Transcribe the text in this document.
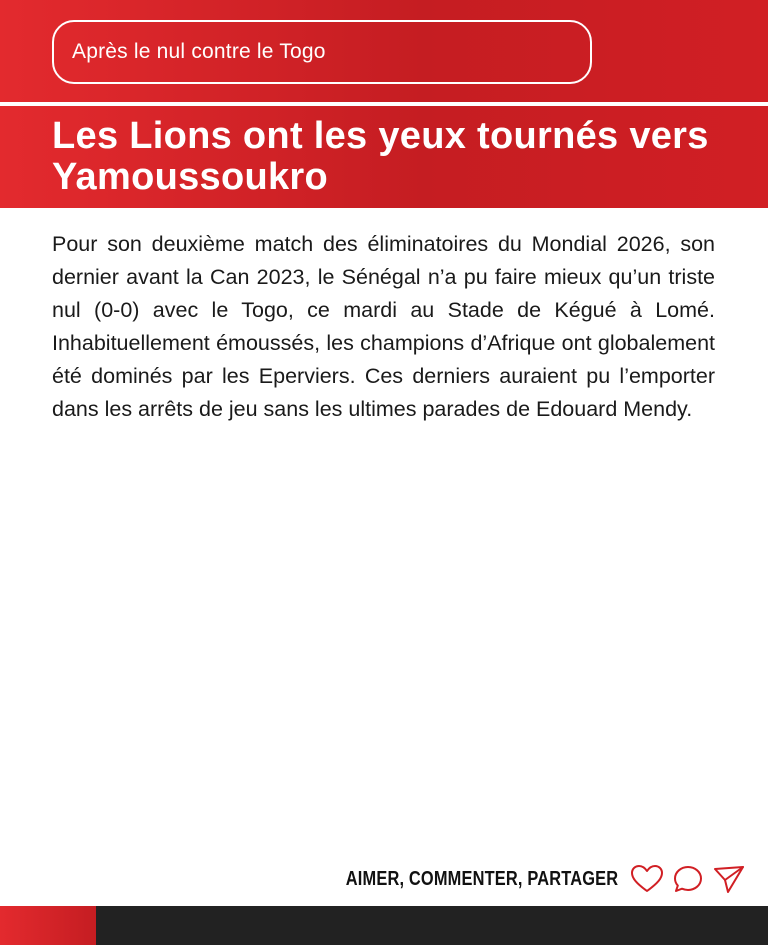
Après le nul contre le Togo
Les Lions ont les yeux tournés vers Yamoussoukro

Pour son deuxième match des éliminatoires du Mondial 2026, son dernier avant la Can 2023, le Sénégal n’a pu faire mieux qu’un triste nul (0-0) avec le Togo, ce mardi au Stade de Kégué à Lomé. Inhabituellement émoussés, les champions d’Afrique ont globalement été dominés par les Eperviers. Ces derniers auraient pu l’emporter dans les arrêts de jeu sans les ultimes parades de Edouard Mendy.

AIMER, COMMENTER, PARTAGER
